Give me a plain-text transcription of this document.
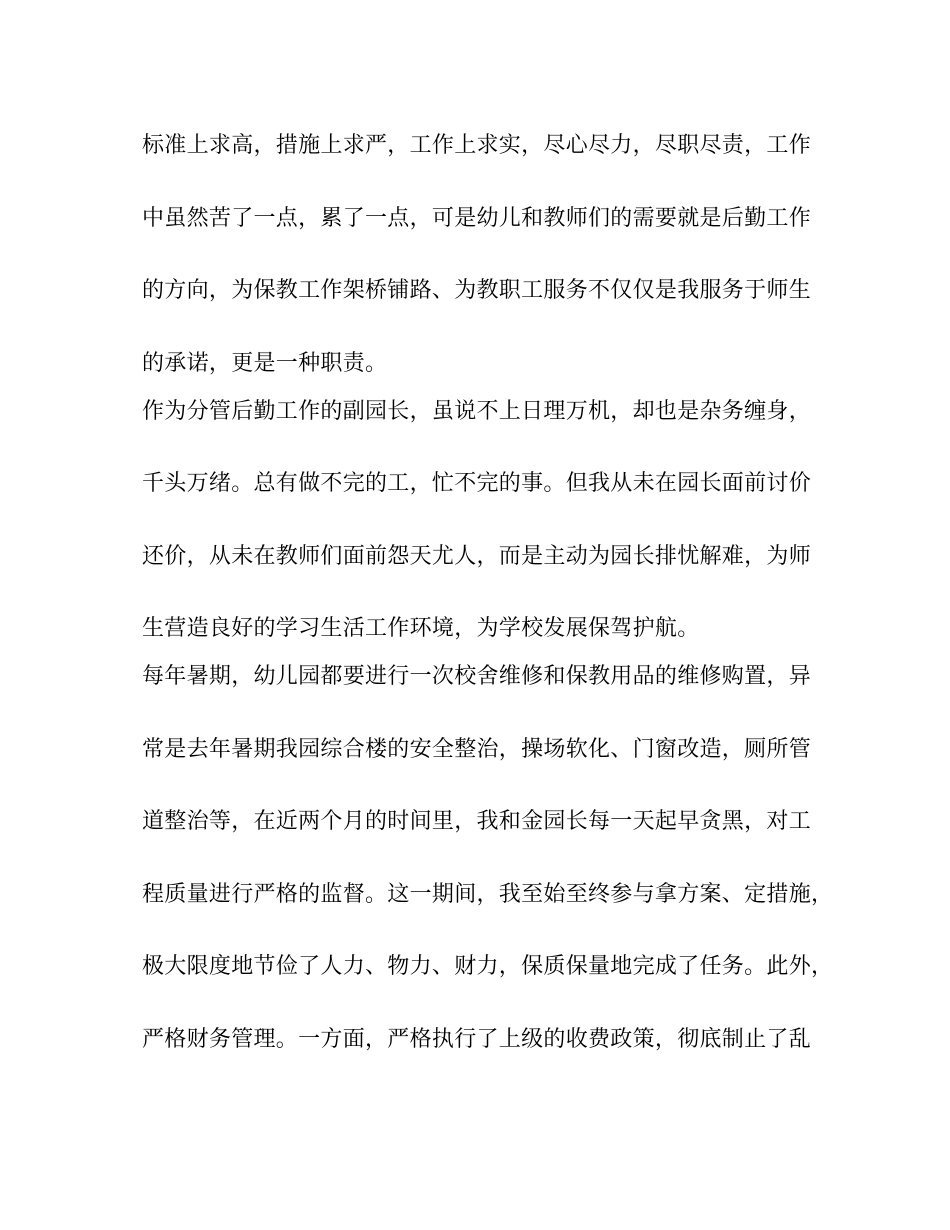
标准上求高，措施上求严，工作上求实，尽心尽力，尽职尽责，工作
中虽然苦了一点，累了一点，可是幼儿和教师们的需要就是后勤工作
的方向，为保教工作架桥铺路、为教职工服务不仅仅是我服务于师生
的承诺，更是一种职责。
作为分管后勤工作的副园长，虽说不上日理万机，却也是杂务缠身，
千头万绪。总有做不完的工，忙不完的事。但我从未在园长面前讨价
还价，从未在教师们面前怨天尤人，而是主动为园长排忧解难，为师
生营造良好的学习生活工作环境，为学校发展保驾护航。
每年暑期，幼儿园都要进行一次校舍维修和保教用品的维修购置，异
常是去年暑期我园综合楼的安全整治，操场软化、门窗改造，厕所管
道整治等，在近两个月的时间里，我和金园长每一天起早贪黑，对工
程质量进行严格的监督。这一期间，我至始至终参与拿方案、定措施，
极大限度地节俭了人力、物力、财力，保质保量地完成了任务。此外，
严格财务管理。一方面，严格执行了上级的收费政策，彻底制止了乱
